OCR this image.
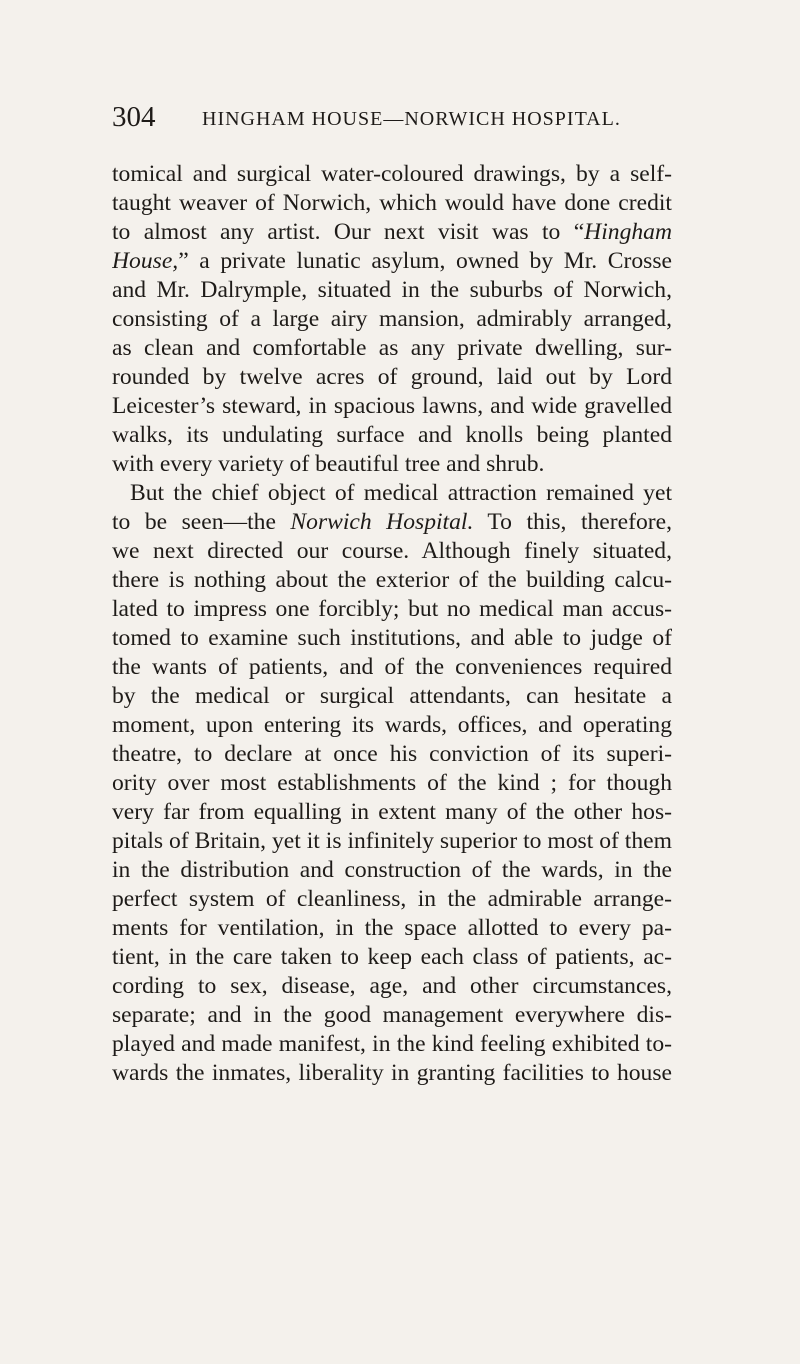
304 HINGHAM HOUSE—NORWICH HOSPITAL.
tomical and surgical water-coloured drawings, by a self-
taught weaver of Norwich, which would have done credit
to almost any artist. Our next visit was to “Hingham
House,” a private lunatic asylum, owned by Mr. Crosse
and Mr. Dalrymple, situated in the suburbs of Norwich,
consisting of a large airy mansion, admirably arranged,
as clean and comfortable as any private dwelling, sur-
rounded by twelve acres of ground, laid out by Lord
Leicester’s steward, in spacious lawns, and wide gravelled
walks, its undulating surface and knolls being planted
with every variety of beautiful tree and shrub.
But the chief object of medical attraction remained yet
to be seen—the Norwich Hospital. To this, therefore,
we next directed our course. Although finely situated,
there is nothing about the exterior of the building calcu-
lated to impress one forcibly; but no medical man accus-
tomed to examine such institutions, and able to judge of
the wants of patients, and of the conveniences required
by the medical or surgical attendants, can hesitate a
moment, upon entering its wards, offices, and operating
theatre, to declare at once his conviction of its superi-
ority over most establishments of the kind ; for though
very far from equalling in extent many of the other hos-
pitals of Britain, yet it is infinitely superior to most of them
in the distribution and construction of the wards, in the
perfect system of cleanliness, in the admirable arrange-
ments for ventilation, in the space allotted to every pa-
tient, in the care taken to keep each class of patients, ac-
cording to sex, disease, age, and other circumstances,
separate; and in the good management everywhere dis-
played and made manifest, in the kind feeling exhibited to-
wards the inmates, liberality in granting facilities to house
